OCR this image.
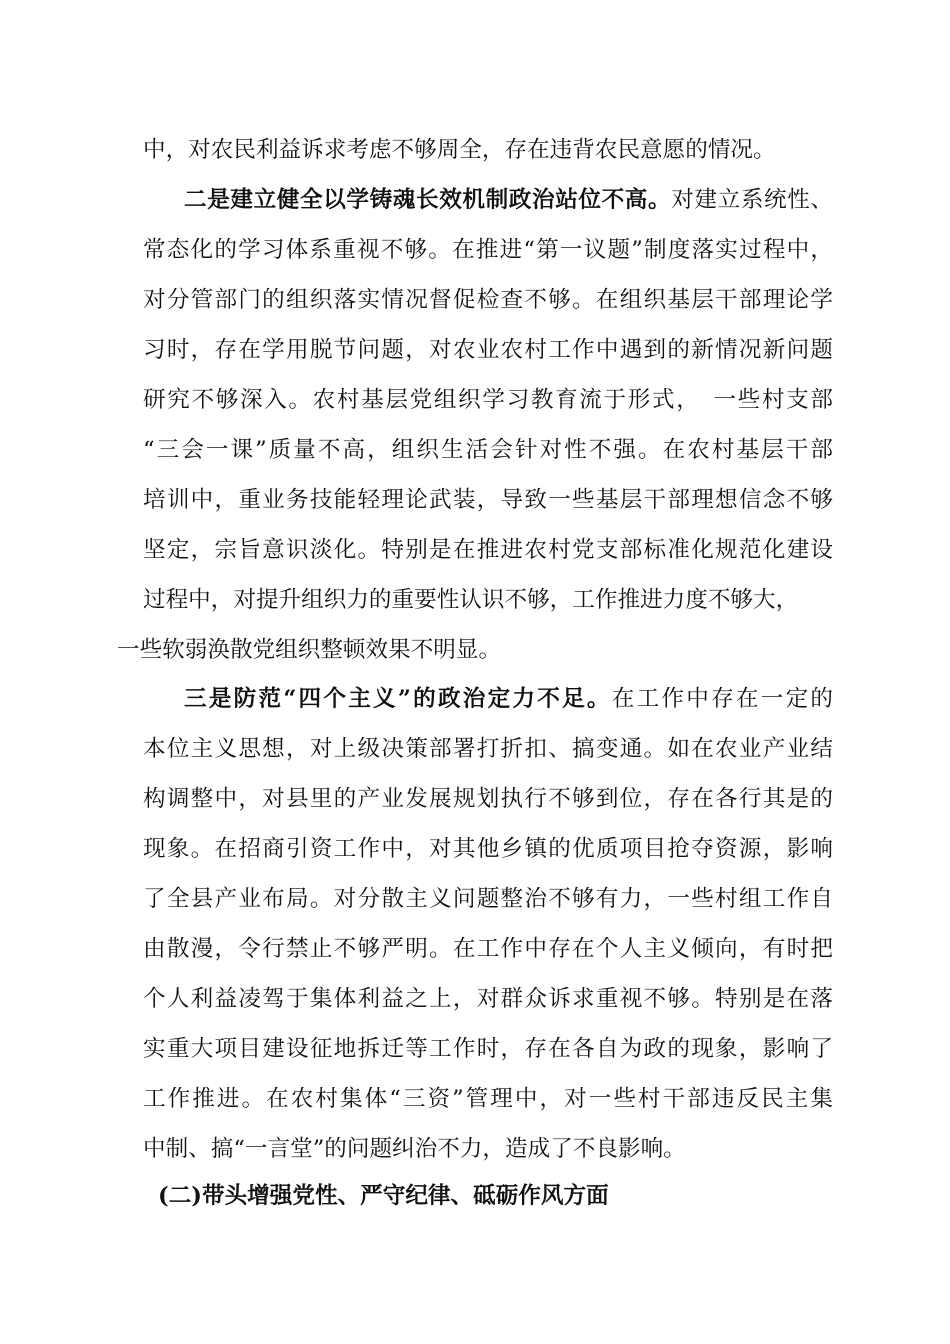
中，对农民利益诉求考虑不够周全，存在违背农民意愿的情况。
二是建立健全以学铸魂长效机制政治站位不高。对建立系统性、
常态化的学习体系重视不够。在推进“第一议题”制度落实过程中，
对分管部门的组织落实情况督促检查不够。在组织基层干部理论学
习时，存在学用脱节问题，对农业农村工作中遇到的新情况新问题
研究不够深入。农村基层党组织学习教育流于形式，　一些村支部
“三会一课”质量不高，组织生活会针对性不强。在农村基层干部
培训中，重业务技能轻理论武装，导致一些基层干部理想信念不够
坚定，宗旨意识淡化。特别是在推进农村党支部标准化规范化建设
过程中，对提升组织力的重要性认识不够，工作推进力度不够大，
一些软弱涣散党组织整顿效果不明显。
三是防范“四个主义”的政治定力不足。在工作中存在一定的
本位主义思想，对上级决策部署打折扣、搞变通。如在农业产业结
构调整中，对县里的产业发展规划执行不够到位，存在各行其是的
现象。在招商引资工作中，对其他乡镇的优质项目抢夺资源，影响
了全县产业布局。对分散主义问题整治不够有力，一些村组工作自
由散漫，令行禁止不够严明。在工作中存在个人主义倾向，有时把
个人利益凌驾于集体利益之上，对群众诉求重视不够。特别是在落
实重大项目建设征地拆迁等工作时，存在各自为政的现象，影响了
工作推进。在农村集体“三资”管理中，对一些村干部违反民主集
中制、搞“一言堂”的问题纠治不力，造成了不良影响。
(二)带头增强党性、严守纪律、砥砺作风方面
